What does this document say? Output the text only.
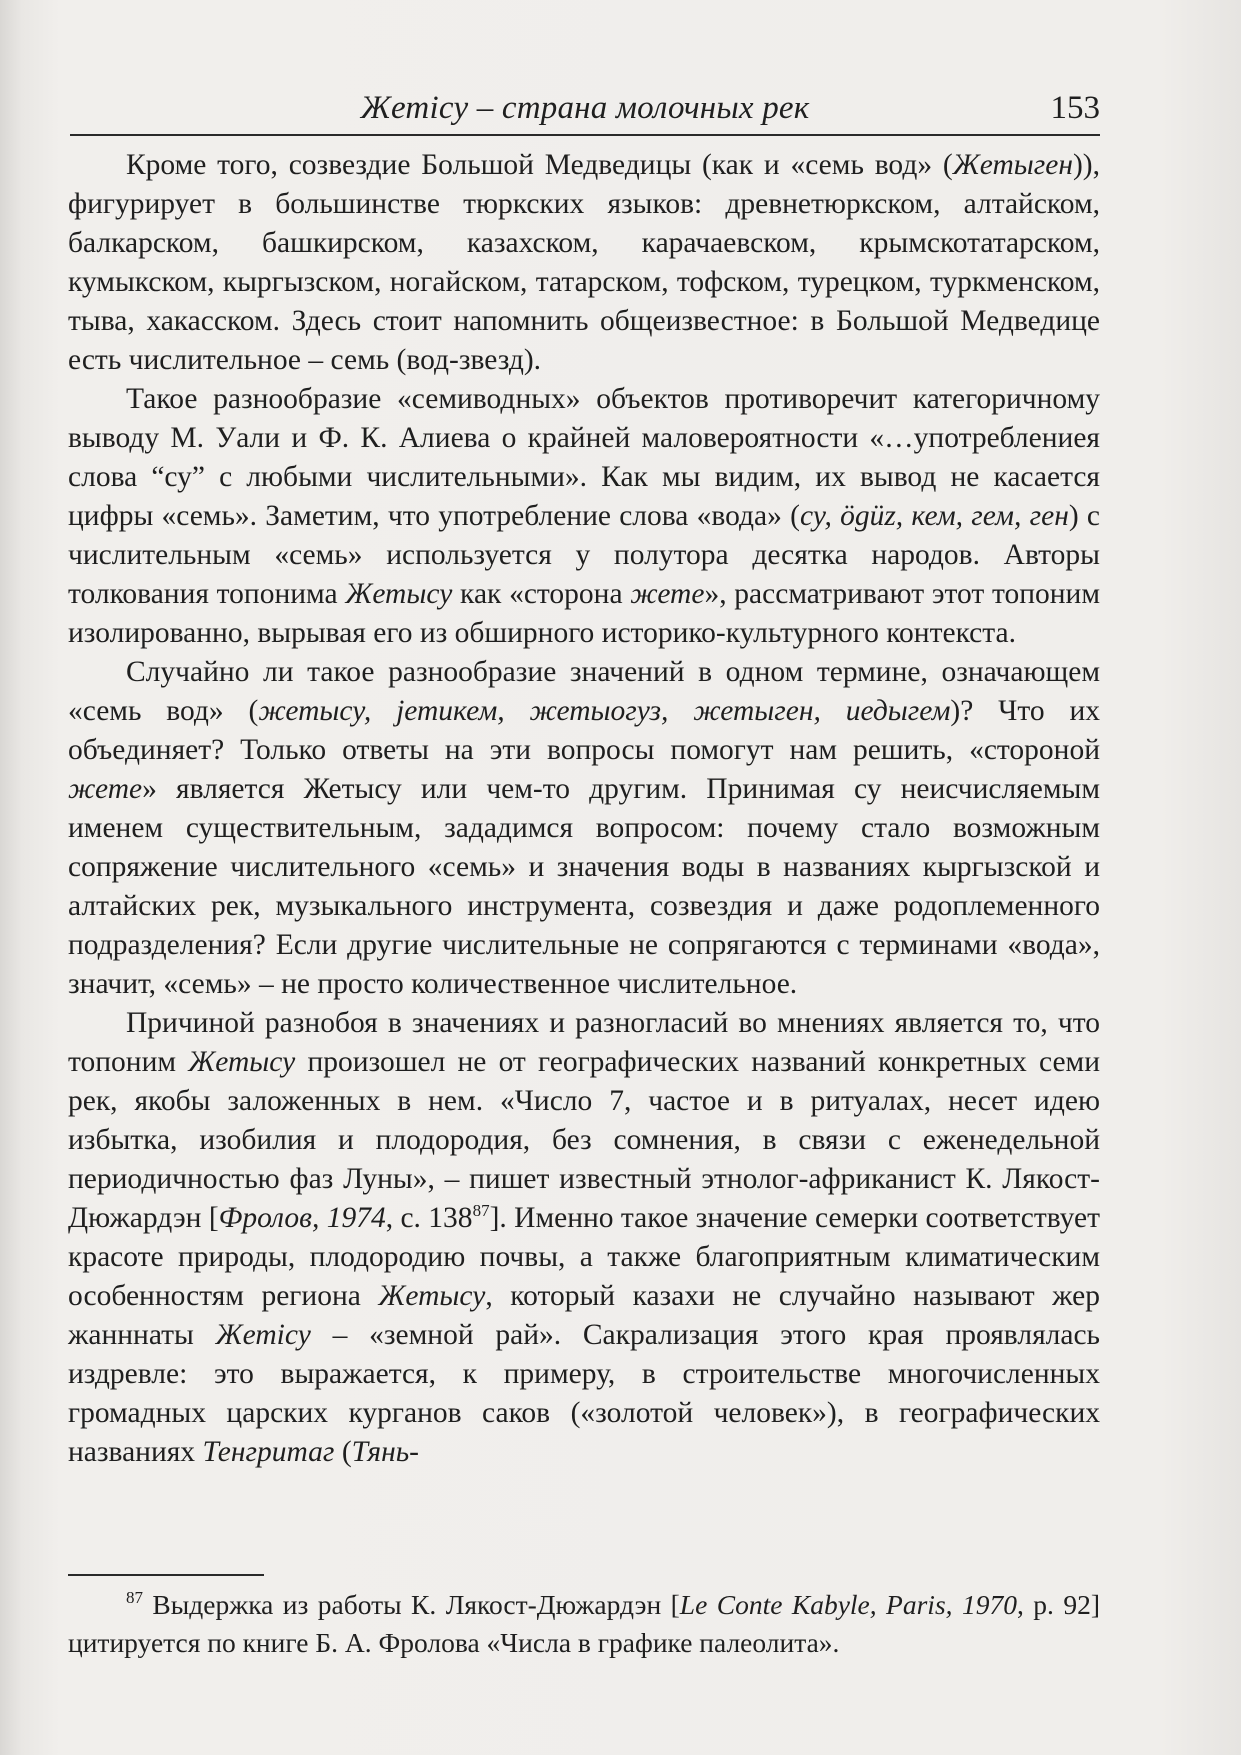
Жетісу – страна молочных рек	153

Кроме того, созвездие Большой Медведицы (как и «семь вод» (Жетыген)), фигурирует в большинстве тюркских языков: древнетюркском, алтайском, балкарском, башкирском, казахском, карачаевском, крымскотатарском, кумыкском, кыргызском, ногайском, татарском, тофском, турецком, туркменском, тыва, хакасском. Здесь стоит напомнить общеизвестное: в Большой Медведице есть числительное – семь (вод-звезд).

Такое разнообразие «семиводных» объектов противоречит категоричному выводу М. Уали и Ф. К. Алиева о крайней маловероятности «…употреблениея слова “су” с любыми числительными». Как мы видим, их вывод не касается цифры «семь». Заметим, что употребление слова «вода» (су, ögüz, кем, гем, ген) с числительным «семь» используется у полутора десятка народов. Авторы толкования топонима Жетысу как «сторона жете», рассматривают этот топоним изолированно, вырывая его из обширного историко-культурного контекста.

Случайно ли такое разнообразие значений в одном термине, означающем «семь вод» (жетысу, jетикем, жетыогуз, жетыген, иедыгем)? Что их объединяет? Только ответы на эти вопросы помогут нам решить, «стороной жете» является Жетысу или чем-то другим. Принимая су неисчисляемым именем существительным, зададимся вопросом: почему стало возможным сопряжение числительного «семь» и значения воды в названиях кыргызской и алтайских рек, музыкального инструмента, созвездия и даже родоплеменного подразделения? Если другие числительные не сопрягаются с терминами «вода», значит, «семь» – не просто количественное числительное.

Причиной разнобоя в значениях и разногласий во мнениях является то, что топоним Жетысу произошел не от географических названий конкретных семи рек, якобы заложенных в нем. «Число 7, частое и в ритуалах, несет идею избытка, изобилия и плодородия, без сомнения, в связи с еженедельной периодичностью фаз Луны», – пишет известный этнолог-африканист К. Лякост-Дюжардэн [Фролов, 1974, с. 138$^{87}$]. Именно такое значение семерки соответствует красоте природы, плодородию почвы, а также благоприятным климатическим особенностям региона Жетысу, который казахи не случайно называют жер жанннаты Жетісу – «земной рай». Сакрализация этого края проявлялась издревле: это выражается, к примеру, в строительстве многочисленных громадных царских курганов саков («золотой человек»), в географических названиях Тенгритаг (Тянь-

$^{87}$ Выдержка из работы К. Лякост-Дюжардэн [Le Conte Kabyle, Paris, 1970, p. 92] цитируется по книге Б. А. Фролова «Числа в графике палеолита».
